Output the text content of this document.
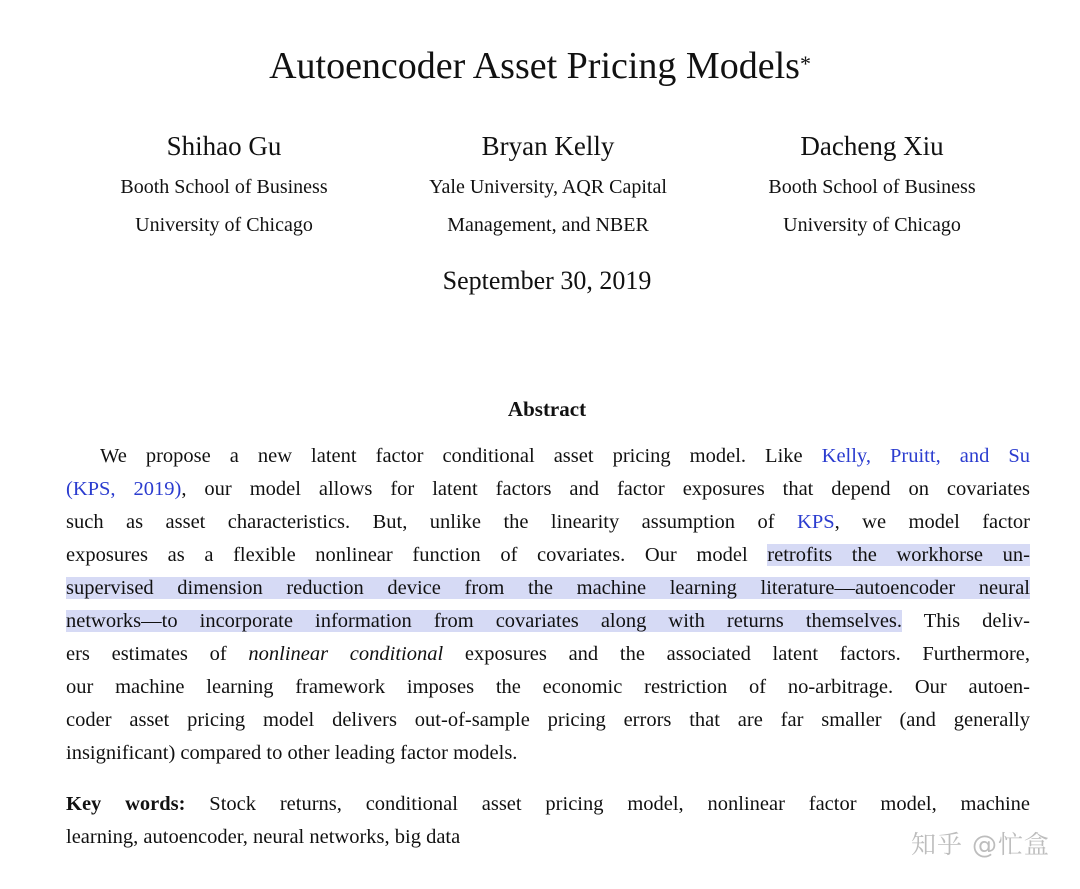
Autoencoder Asset Pricing Models*
Shihao Gu
Booth School of Business
University of Chicago
Bryan Kelly
Yale University, AQR Capital
Management, and NBER
Dacheng Xiu
Booth School of Business
University of Chicago
September 30, 2019
Abstract
We propose a new latent factor conditional asset pricing model. Like Kelly, Pruitt, and Su
(KPS, 2019), our model allows for latent factors and factor exposures that depend on covariates
such as asset characteristics. But, unlike the linearity assumption of KPS, we model factor
exposures as a flexible nonlinear function of covariates. Our model retrofits the workhorse un-
supervised dimension reduction device from the machine learning literature—autoencoder neural
networks—to incorporate information from covariates along with returns themselves. This deliv-
ers estimates of nonlinear conditional exposures and the associated latent factors. Furthermore,
our machine learning framework imposes the economic restriction of no-arbitrage. Our autoen-
coder asset pricing model delivers out-of-sample pricing errors that are far smaller (and generally
insignificant) compared to other leading factor models.
Key words: Stock returns, conditional asset pricing model, nonlinear factor model, machine
learning, autoencoder, neural networks, big data	知乎 @忙盒
